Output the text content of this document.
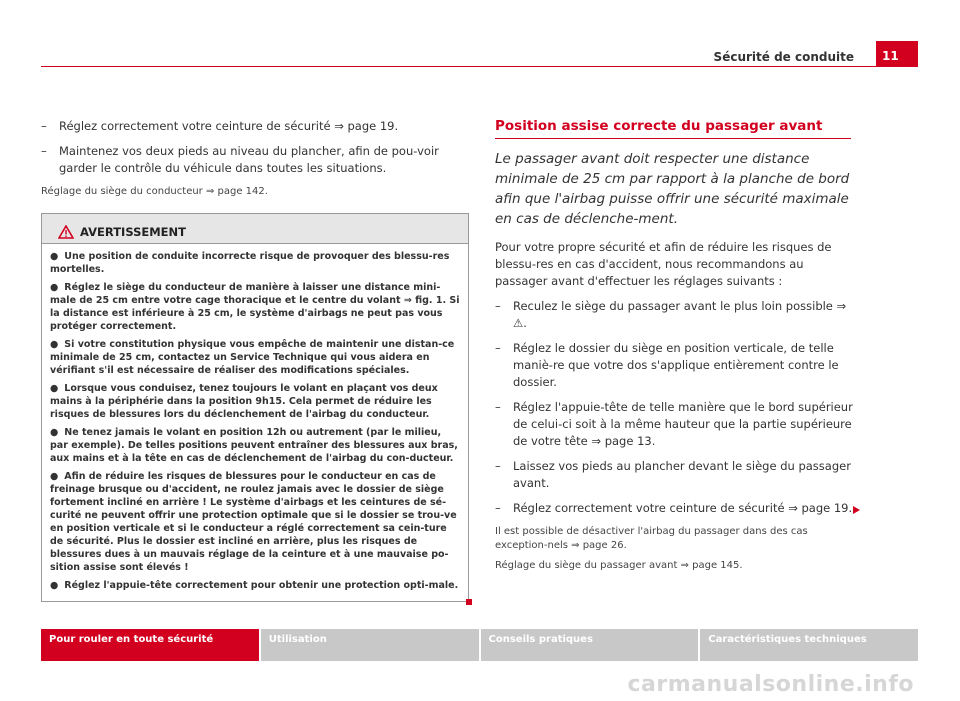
Sécurité de conduite	11
– Réglez correctement votre ceinture de sécurité ⇒ page 19.
– Maintenez vos deux pieds au niveau du plancher, afin de pou-voir garder le contrôle du véhicule dans toutes les situations.
Réglage du siège du conducteur ⇒ page 142.
AVERTISSEMENT
● Une position de conduite incorrecte risque de provoquer des blessu-res mortelles.
● Réglez le siège du conducteur de manière à laisser une distance mini-male de 25 cm entre votre cage thoracique et le centre du volant ⇒ fig. 1. Si la distance est inférieure à 25 cm, le système d'airbags ne peut pas vous protéger correctement.
● Si votre constitution physique vous empêche de maintenir une distan-ce minimale de 25 cm, contactez un Service Technique qui vous aidera en vérifiant s'il est nécessaire de réaliser des modifications spéciales.
● Lorsque vous conduisez, tenez toujours le volant en plaçant vos deux mains à la périphérie dans la position 9h15. Cela permet de réduire les risques de blessures lors du déclenchement de l'airbag du conducteur.
● Ne tenez jamais le volant en position 12h ou autrement (par le milieu, par exemple). De telles positions peuvent entraîner des blessures aux bras, aux mains et à la tête en cas de déclenchement de l'airbag du con-ducteur.
● Afin de réduire les risques de blessures pour le conducteur en cas de freinage brusque ou d'accident, ne roulez jamais avec le dossier de siège fortement incliné en arrière ! Le système d'airbags et les ceintures de sé-curité ne peuvent offrir une protection optimale que si le dossier se trou-ve en position verticale et si le conducteur a réglé correctement sa cein-ture de sécurité. Plus le dossier est incliné en arrière, plus les risques de blessures dues à un mauvais réglage de la ceinture et à une mauvaise po-sition assise sont élevés !
● Réglez l'appuie-tête correctement pour obtenir une protection opti-male.
Position assise correcte du passager avant
Le passager avant doit respecter une distance minimale de 25 cm par rapport à la planche de bord afin que l'airbag puisse offrir une sécurité maximale en cas de déclenche-ment.
Pour votre propre sécurité et afin de réduire les risques de blessu-res en cas d'accident, nous recommandons au passager avant d'effectuer les réglages suivants :
– Reculez le siège du passager avant le plus loin possible ⇒ ⚠.
– Réglez le dossier du siège en position verticale, de telle maniè-re que votre dos s'applique entièrement contre le dossier.
– Réglez l'appuie-tête de telle manière que le bord supérieur de celui-ci soit à la même hauteur que la partie supérieure de votre tête ⇒ page 13.
– Laissez vos pieds au plancher devant le siège du passager avant.
– Réglez correctement votre ceinture de sécurité ⇒ page 19.
Il est possible de désactiver l'airbag du passager dans des cas exception-nels ⇒ page 26.
Réglage du siège du passager avant ⇒ page 145.
Pour rouler en toute sécurité	Utilisation	Conseils pratiques	Caractéristiques techniques
carmanualsonline.info
